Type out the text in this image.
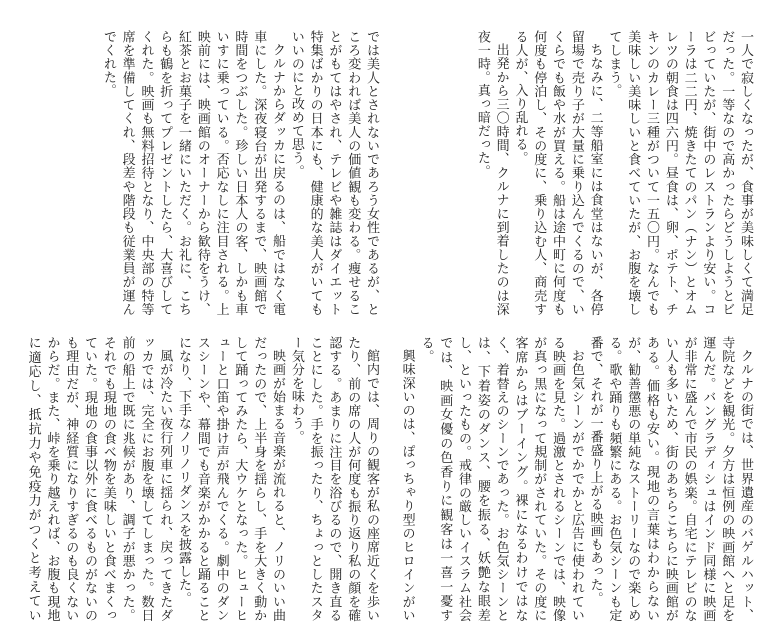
一人で寂しくなったが、食事が美味しくて満足だった。一等なので高かったらどうしようとビビっていたが、街中のレストランより安い。コーラは二二円、焼きたてのパン（ナン）とオムレツの朝食は四六円。昼食は、卵、ポテト、チキンのカレー三種がついて一五〇円。なんでも美味しい美味しいと食べていたが、お腹を壊してしまう。

ちなみに、二等船室には食堂はないが、各停留場で売り子が大量に乗り込んでくるので、いくらでも飯や水が買える。船は途中町に何度も何度も停泊し、その度に、乗り込む人、商売する人が、入り乱れる。

出発から三〇時間、クルナに到着したのは深夜一時。真っ暗だった。

クルナの街では、世界遺産のバゲルハット、寺院などを観光。夕方は恒例の映画館へと足を運んだ。バングラディシュはインド同様に映画が非常に盛んで市民の娯楽。自宅にテレビのない人も多いため、街のあちらこちらに映画館がある。価格も安い。現地の言葉はわからないが、勧善懲悪の単純なストーリーなので楽しめる。歌や踊りも頻繁にある。お色気シーンも定番で、それが一番盛り上がる映画もあった。

お色気シーンがでかでかと広告に使われている映画を見た。過激とされるシーンでは、映像が真っ黒になって規制がされていた。その度に客席からはブーイング。裸になるわけではなく、着替えのシーンであった。お色気シーンとは、下着姿のダンス、腰を振る、妖艶な眼差し、といったもの。戒律の厳しいイスラム社会では、映画女優の色香りに観客は一喜一憂する。

興味深いのは、ぽっちゃり型のヒロインがい

では美人とされないであろう女性であるが、ところ変われば美人の価値観も変わる。痩せることがもてはやされ、テレビや雑誌はダイエット特集ばかりの日本にも、健康的な美人がいてもいいのにと改めて思う。

クルナからダッカに戻るのは、船ではなく電車にした。深夜寝台が出発するまで、映画館で時間をつぶした。珍しい日本人の客、しかも車いすに乗っている。否応なしに注目される。上映前には、映画館のオーナーから歓待をうけ、紅茶とお菓子を一緒にいただく。お礼に、こちらも鶴を折ってプレゼントしたら、大喜びしてくれた。映画も無料招待となり、中央部の特等席を準備してくれ、段差や階段も従業員が運んでくれた。

館内では、周りの観客が私の座席近くを歩いたり、前の席の人が何度も振り返り私の顔を確認する。あまりに注目を浴びるので、開き直ることにした。手を振ったり、ちょっとしたスター気分を味わう。

映画が始まる音楽が流れると、ノリのいい曲だったので、上半身を揺らし、手を大きく動かして踊ってみたら、大ウケとなった。ヒューヒューと口笛や掛け声が飛んでくる。劇中のダンスシーンや、幕間でも音楽がかかると踊ることになり、下手なノリノリダンスを披露した。

風が冷たい夜行列車に揺られ、戻ってきたダッカでは、完全にお腹を壊してしまった。数日前の船上で既に兆候があり、調子が悪かった。それでも現地の食べ物を美味しいと食べまくっていた。現地の食事以外に食べるものがないのも理由だが、神経質になりすぎるのも良くないからだ。また、峠を乗り越えれば、お腹も現地に適応し、抵抗力や免疫力がつくと考えてい
